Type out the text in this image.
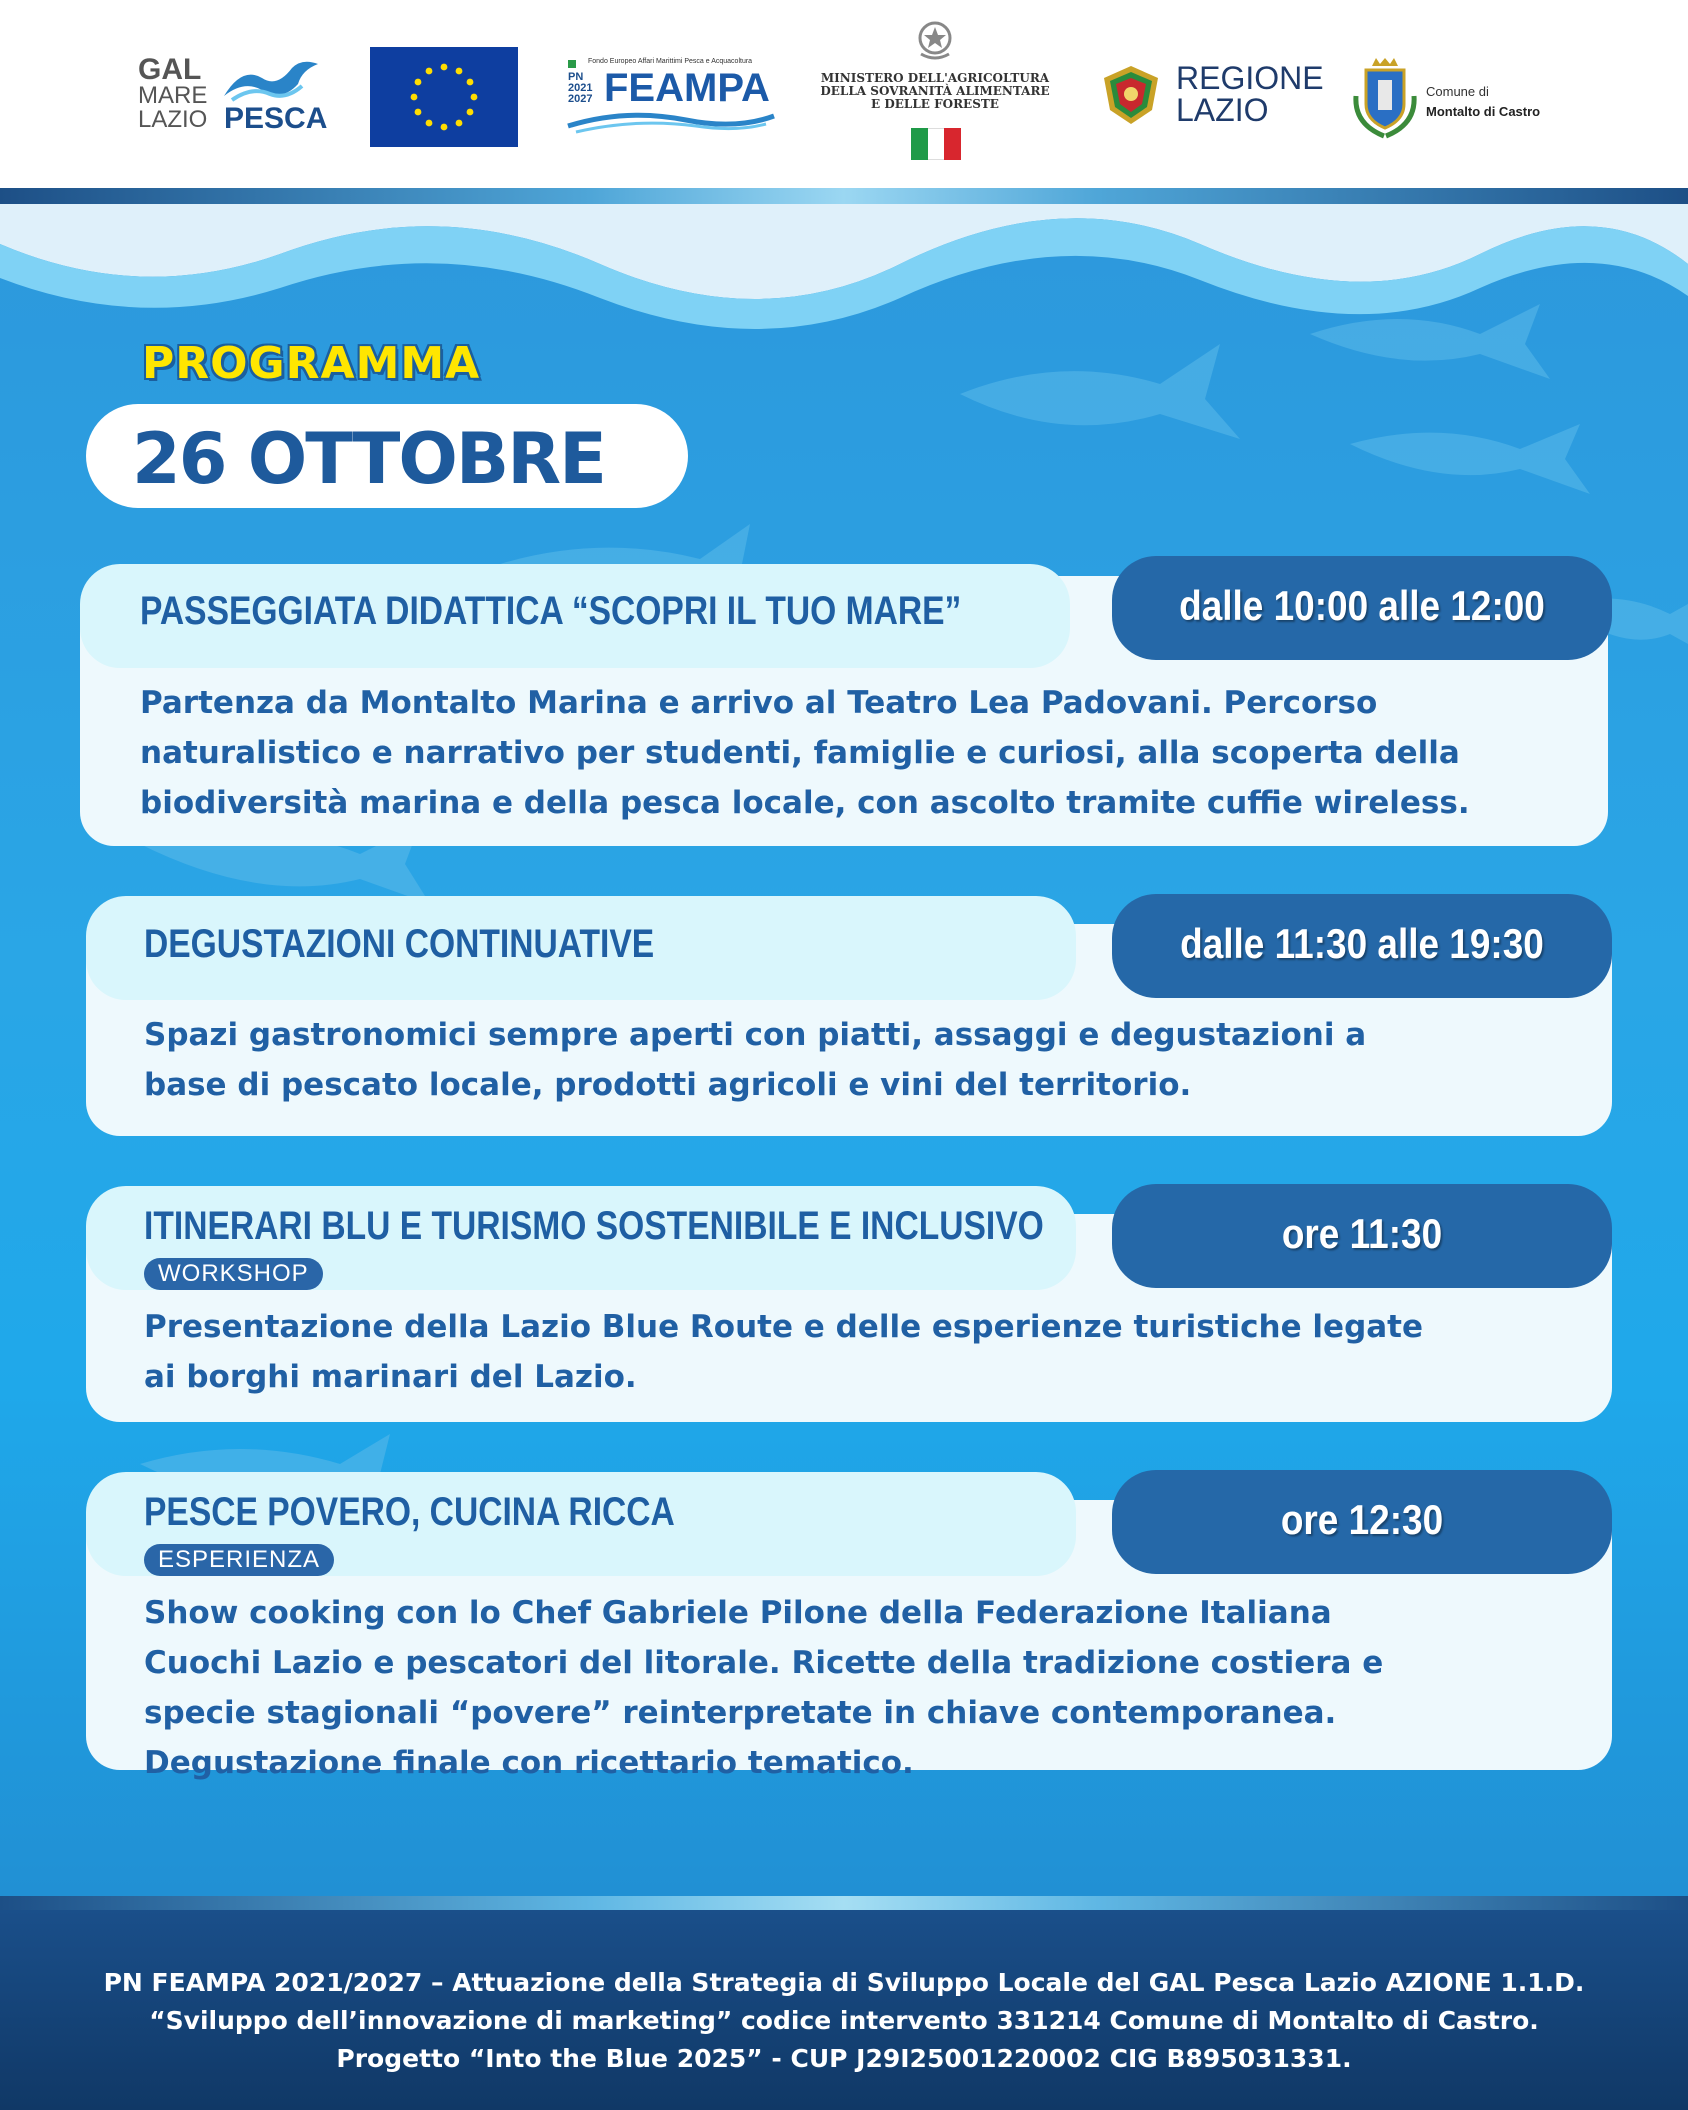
GAL
MARE
LAZIO PESCA
Fondo Europeo Affari Marittimi Pesca e Acquacoltura
PN
2021
2027 FEAMPA	MINISTERO DELL'AGRICOLTURA
DELLA SOVRANITÀ ALIMENTARE
E DELLE FORESTE
REGIONE
LAZIO
Comune di
Montalto di Castro
PROGRAMMA
26 OTTOBRE
PASSEGGIATA DIDATTICA “SCOPRI IL TUO MARE”	dalle 10:00 alle 12:00
Partenza da Montalto Marina e arrivo al Teatro Lea Padovani. Percorso
naturalistico e narrativo per studenti, famiglie e curiosi, alla scoperta della
biodiversità marina e della pesca locale, con ascolto tramite cuffie wireless.
DEGUSTAZIONI CONTINUATIVE	dalle 11:30 alle 19:30
Spazi gastronomici sempre aperti con piatti, assaggi e degustazioni a
base di pescato locale, prodotti agricoli e vini del territorio.
ITINERARI BLU E TURISMO SOSTENIBILE E INCLUSIVO
WORKSHOP
ore 11:30
Presentazione della Lazio Blue Route e delle esperienze turistiche legate
ai borghi marinari del Lazio.
PESCE POVERO, CUCINA RICCA
ESPERIENZA
ore 12:30
Show cooking con lo Chef Gabriele Pilone della Federazione Italiana
Cuochi Lazio e pescatori del litorale. Ricette della tradizione costiera e
specie stagionali “povere” reinterpretate in chiave contemporanea.
Degustazione finale con ricettario tematico.
PN FEAMPA 2021/2027 – Attuazione della Strategia di Sviluppo Locale del GAL Pesca Lazio AZIONE 1.1.D.
“Sviluppo dell’innovazione di marketing” codice intervento 331214 Comune di Montalto di Castro.
Progetto “Into the Blue 2025” - CUP J29I25001220002 CIG B895031331.
